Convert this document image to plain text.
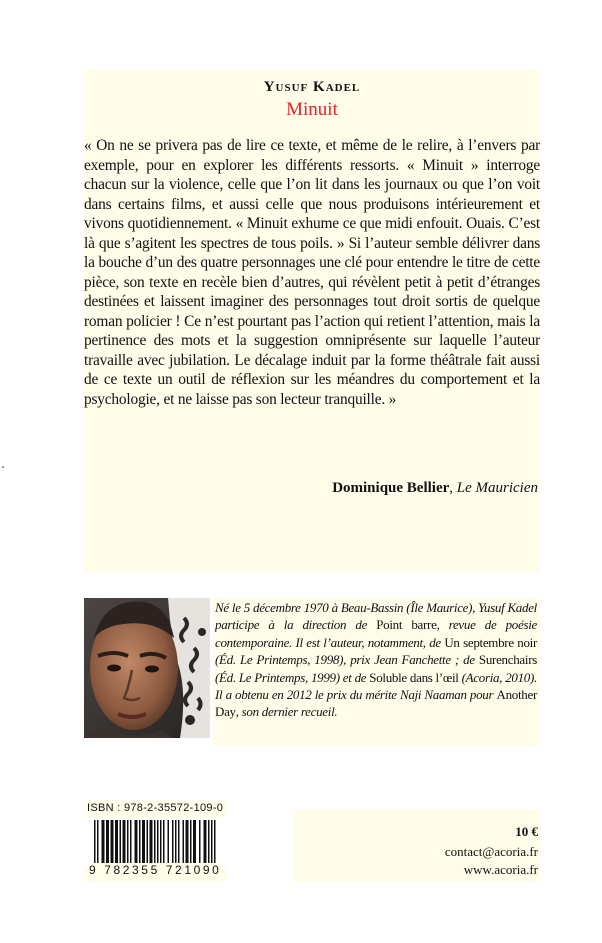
Yusuf Kadel
Minuit

« On ne se privera pas de lire ce texte, et même de le relire, à l’envers par exemple, pour en explorer les différents ressorts. « Minuit » interroge chacun sur la violence, celle que l’on lit dans les journaux ou que l’on voit dans certains films, et aussi celle que nous produisons intérieurement et vivons quotidiennement. « Minuit exhume ce que midi enfouit. Ouais. C’est là que s’agitent les spectres de tous poils. » Si l’auteur semble délivrer dans la bouche d’un des quatre personnages une clé pour entendre le titre de cette pièce, son texte en recèle bien d’autres, qui révèlent petit à petit d’étranges destinées et laissent imaginer des personnages tout droit sortis de quelque roman policier ! Ce n’est pourtant pas l’action qui retient l’attention, mais la pertinence des mots et la suggestion omniprésente sur laquelle l’auteur travaille avec jubilation. Le décalage induit par la forme théâtrale fait aussi de ce texte un outil de réflexion sur les méandres du comportement et la psychologie, et ne laisse pas son lecteur tranquille. »

Dominique Bellier, Le Mauricien

Né le 5 décembre 1970 à Beau-Bassin (Île Maurice), Yusuf Kadel participe à la direction de Point barre, revue de poésie contemporaine. Il est l’auteur, notamment, de Un septembre noir (Éd. Le Printemps, 1998), prix Jean Fanchette ; de Surenchairs (Éd. Le Printemps, 1999) et de Soluble dans l’œil (Acoria, 2010). Il a obtenu en 2012 le prix du mérite Naji Naaman pour Another Day, son dernier recueil.

ISBN : 978-2-35572-109-0
9 782355 721090
10 €
contact@acoria.fr
www.acoria.fr
